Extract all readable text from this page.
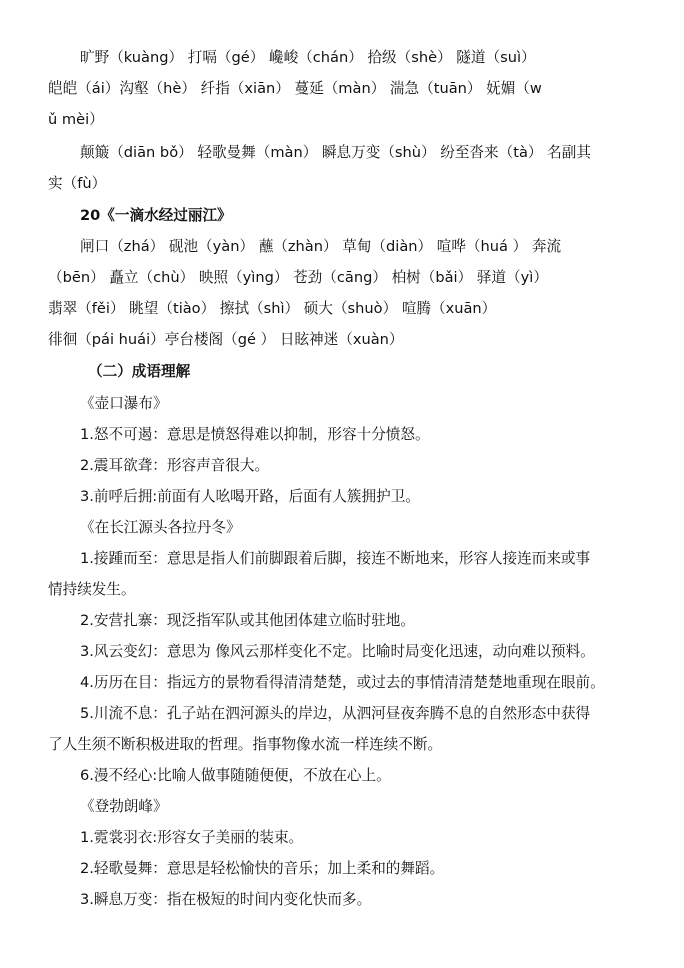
旷野（kuàng） 打嗝（gé） 巉峻（chán） 拾级（shè） 隧道（suì）
皑皑（ái）沟壑（hè） 纤指（xiān） 蔓延（màn） 湍急（tuān） 妩媚（w
ǔ mèi）
颠簸（diān bǒ） 轻歌曼舞（màn） 瞬息万变（shù） 纷至沓来（tà） 名副其
实（fù）
20《一滴水经过丽江》
闸口（zhá） 砚池（yàn） 蘸（zhàn） 草甸（diàn） 喧哗（huá ） 奔流
（bēn） 矗立（chù） 映照（yìng） 苍劲（cāng） 柏树（bǎi） 驿道（yì）
翡翠（fěi） 眺望（tiào） 擦拭（shì） 硕大（shuò） 喧腾（xuān）
徘徊（pái huái）亭台楼阁（gé ） 日眩神迷（xuàn）
（二）成语理解
《壶口瀑布》
1.怒不可遏：意思是愤怒得难以抑制，形容十分愤怒。
2.震耳欲聋：形容声音很大。
3.前呼后拥:前面有人吆喝开路，后面有人簇拥护卫。
《在长江源头各拉丹冬》
1.接踵而至：意思是指人们前脚跟着后脚，接连不断地来，形容人接连而来或事
情持续发生。
2.安营扎寨：现泛指军队或其他团体建立临时驻地。
3.风云变幻：意思为 像风云那样变化不定。比喻时局变化迅速，动向难以预料。
4.历历在目：指远方的景物看得清清楚楚，或过去的事情清清楚楚地重现在眼前。
5.川流不息：孔子站在泗河源头的岸边，从泗河昼夜奔腾不息的自然形态中获得
了人生须不断积极进取的哲理。指事物像水流一样连续不断。
6.漫不经心:比喻人做事随随便便，不放在心上。
《登勃朗峰》
1.霓裳羽衣:形容女子美丽的装束。
2.轻歌曼舞：意思是轻松愉快的音乐；加上柔和的舞蹈。
3.瞬息万变：指在极短的时间内变化快而多。
